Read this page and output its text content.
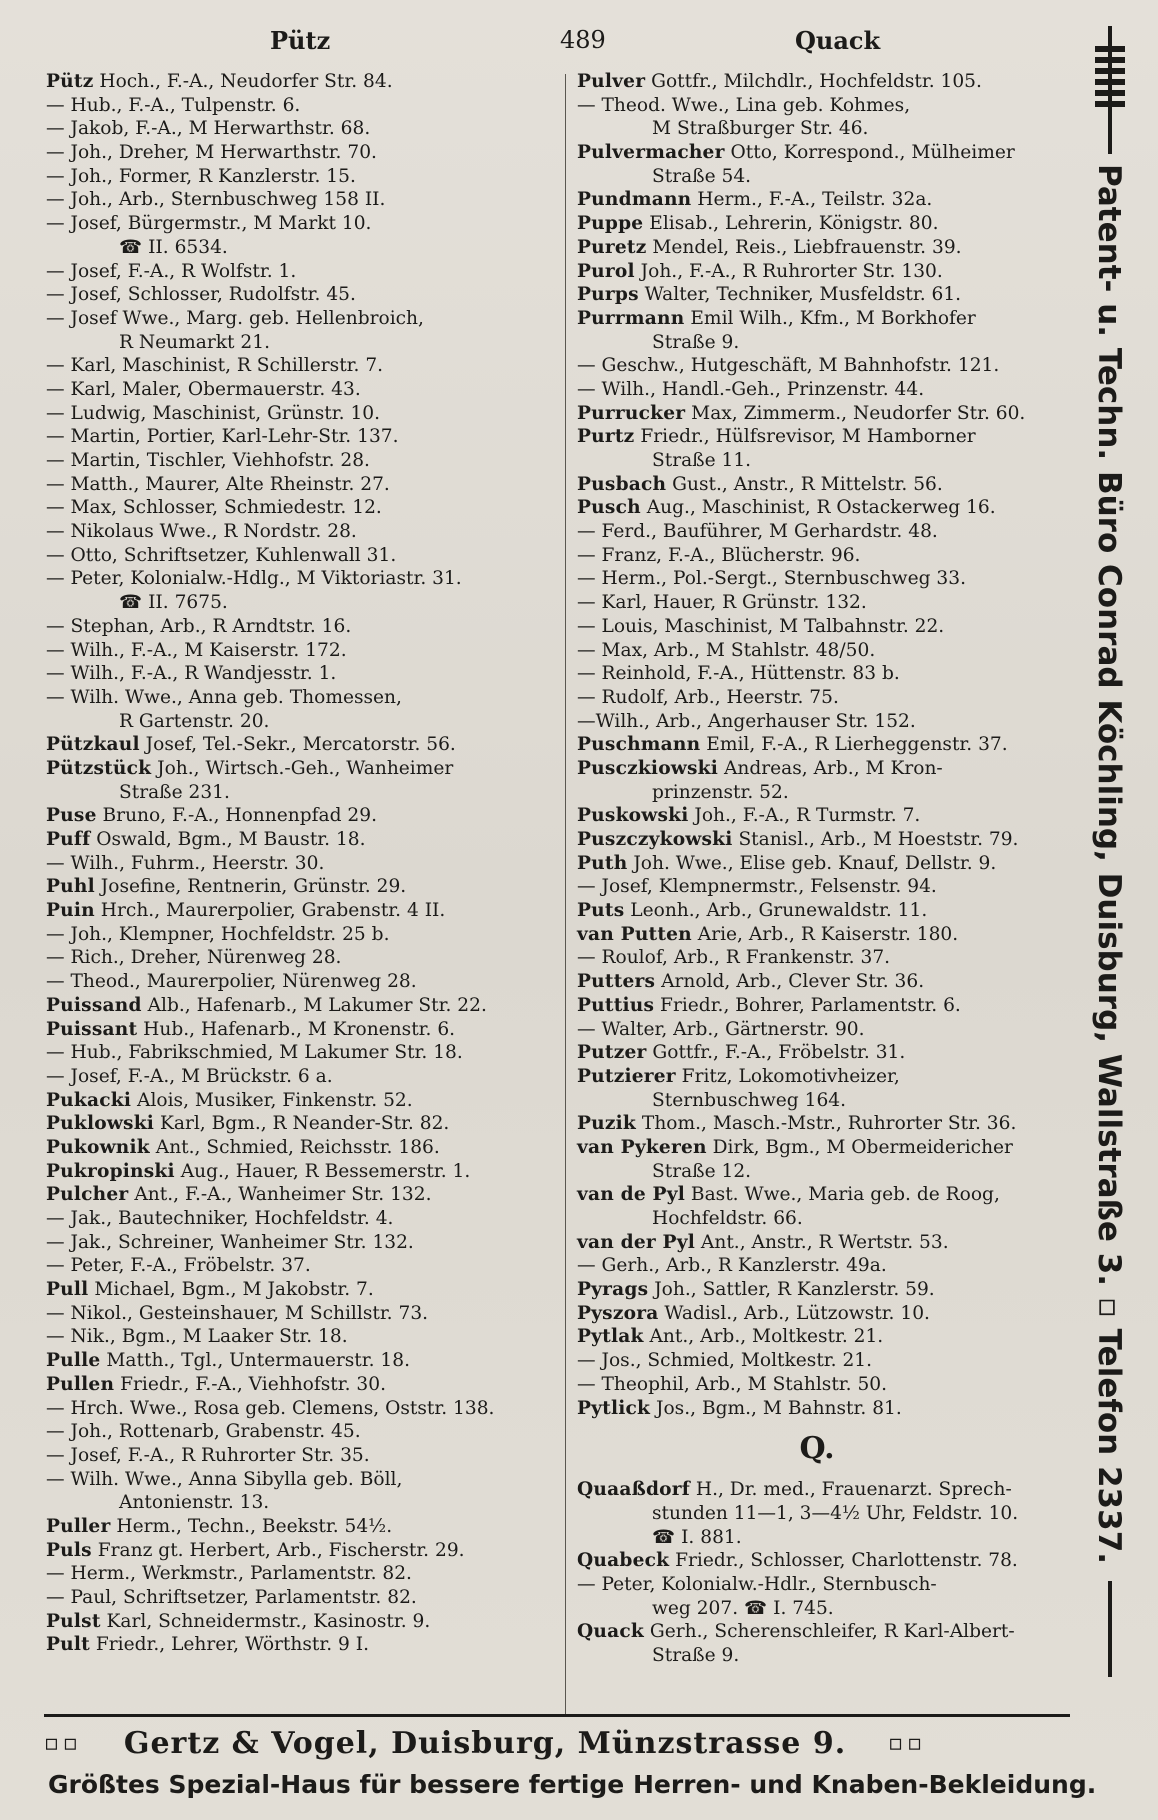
Pütz	489	Quack
Pütz Hoch., F.-A., Neudorfer Str. 84.
— Hub., F.-A., Tulpenstr. 6.
— Jakob, F.-A., M Herwarthstr. 68.
— Joh., Dreher, M Herwarthstr. 70.
— Joh., Former, R Kanzlerstr. 15.
— Joh., Arb., Sternbuschweg 158 II.
— Josef, Bürgermstr., M Markt 10.
☎ II. 6534.
— Josef, F.-A., R Wolfstr. 1.
— Josef, Schlosser, Rudolfstr. 45.
— Josef Wwe., Marg. geb. Hellenbroich,
R Neumarkt 21.
— Karl, Maschinist, R Schillerstr. 7.
— Karl, Maler, Obermauerstr. 43.
— Ludwig, Maschinist, Grünstr. 10.
— Martin, Portier, Karl-Lehr-Str. 137.
— Martin, Tischler, Viehhofstr. 28.
— Matth., Maurer, Alte Rheinstr. 27.
— Max, Schlosser, Schmiedestr. 12.
— Nikolaus Wwe., R Nordstr. 28.
— Otto, Schriftsetzer, Kuhlenwall 31.
— Peter, Kolonialw.-Hdlg., M Viktoriastr. 31.
☎ II. 7675.
— Stephan, Arb., R Arndtstr. 16.
— Wilh., F.-A., M Kaiserstr. 172.
— Wilh., F.-A., R Wandjesstr. 1.
— Wilh. Wwe., Anna geb. Thomessen,
R Gartenstr. 20.
Pützkaul Josef, Tel.-Sekr., Mercatorstr. 56.
Pützstück Joh., Wirtsch.-Geh., Wanheimer
Straße 231.
Puse Bruno, F.-A., Honnenpfad 29.
Puff Oswald, Bgm., M Baustr. 18.
— Wilh., Fuhrm., Heerstr. 30.
Puhl Josefine, Rentnerin, Grünstr. 29.
Puin Hrch., Maurerpolier, Grabenstr. 4 II.
— Joh., Klempner, Hochfeldstr. 25 b.
— Rich., Dreher, Nürenweg 28.
— Theod., Maurerpolier, Nürenweg 28.
Puissand Alb., Hafenarb., M Lakumer Str. 22.
Puissant Hub., Hafenarb., M Kronenstr. 6.
— Hub., Fabrikschmied, M Lakumer Str. 18.
— Josef, F.-A., M Brückstr. 6 a.
Pukacki Alois, Musiker, Finkenstr. 52.
Puklowski Karl, Bgm., R Neander-Str. 82.
Pukownik Ant., Schmied, Reichsstr. 186.
Pukropinski Aug., Hauer, R Bessemerstr. 1.
Pulcher Ant., F.-A., Wanheimer Str. 132.
— Jak., Bautechniker, Hochfeldstr. 4.
— Jak., Schreiner, Wanheimer Str. 132.
— Peter, F.-A., Fröbelstr. 37.
Pull Michael, Bgm., M Jakobstr. 7.
— Nikol., Gesteinshauer, M Schillstr. 73.
— Nik., Bgm., M Laaker Str. 18.
Pulle Matth., Tgl., Untermauerstr. 18.
Pullen Friedr., F.-A., Viehhofstr. 30.
— Hrch. Wwe., Rosa geb. Clemens, Oststr. 138.
— Joh., Rottenarb, Grabenstr. 45.
— Josef, F.-A., R Ruhrorter Str. 35.
— Wilh. Wwe., Anna Sibylla geb. Böll,
Antonienstr. 13.
Puller Herm., Techn., Beekstr. 54½.
Puls Franz gt. Herbert, Arb., Fischerstr. 29.
— Herm., Werkmstr., Parlamentstr. 82.
— Paul, Schriftsetzer, Parlamentstr. 82.
Pulst Karl, Schneidermstr., Kasinostr. 9.
Pult Friedr., Lehrer, Wörthstr. 9 I.
Pulver Gottfr., Milchdlr., Hochfeldstr. 105.
— Theod. Wwe., Lina geb. Kohmes,
M Straßburger Str. 46.
Pulvermacher Otto, Korrespond., Mülheimer
Straße 54.
Pundmann Herm., F.-A., Teilstr. 32a.
Puppe Elisab., Lehrerin, Königstr. 80.
Puretz Mendel, Reis., Liebfrauenstr. 39.
Purol Joh., F.-A., R Ruhrorter Str. 130.
Purps Walter, Techniker, Musfeldstr. 61.
Purrmann Emil Wilh., Kfm., M Borkhofer
Straße 9.
— Geschw., Hutgeschäft, M Bahnhofstr. 121.
— Wilh., Handl.-Geh., Prinzenstr. 44.
Purrucker Max, Zimmerm., Neudorfer Str. 60.
Purtz Friedr., Hülfsrevisor, M Hamborner
Straße 11.
Pusbach Gust., Anstr., R Mittelstr. 56.
Pusch Aug., Maschinist, R Ostackerweg 16.
— Ferd., Bauführer, M Gerhardstr. 48.
— Franz, F.-A., Blücherstr. 96.
— Herm., Pol.-Sergt., Sternbuschweg 33.
— Karl, Hauer, R Grünstr. 132.
— Louis, Maschinist, M Talbahnstr. 22.
— Max, Arb., M Stahlstr. 48/50.
— Reinhold, F.-A., Hüttenstr. 83 b.
— Rudolf, Arb., Heerstr. 75.
—Wilh., Arb., Angerhauser Str. 152.
Puschmann Emil, F.-A., R Lierheggenstr. 37.
Pusczkiowski Andreas, Arb., M Kron-
prinzenstr. 52.
Puskowski Joh., F.-A., R Turmstr. 7.
Puszczykowski Stanisl., Arb., M Hoeststr. 79.
Puth Joh. Wwe., Elise geb. Knauf, Dellstr. 9.
— Josef, Klempnermstr., Felsenstr. 94.
Puts Leonh., Arb., Grunewaldstr. 11.
van Putten Arie, Arb., R Kaiserstr. 180.
— Roulof, Arb., R Frankenstr. 37.
Putters Arnold, Arb., Clever Str. 36.
Puttius Friedr., Bohrer, Parlamentstr. 6.
— Walter, Arb., Gärtnerstr. 90.
Putzer Gottfr., F.-A., Fröbelstr. 31.
Putzierer Fritz, Lokomotivheizer,
Sternbuschweg 164.
Puzik Thom., Masch.-Mstr., Ruhrorter Str. 36.
van Pykeren Dirk, Bgm., M Obermeidericher
Straße 12.
van de Pyl Bast. Wwe., Maria geb. de Roog,
Hochfeldstr. 66.
van der Pyl Ant., Anstr., R Wertstr. 53.
— Gerh., Arb., R Kanzlerstr. 49a.
Pyrags Joh., Sattler, R Kanzlerstr. 59.
Pyszora Wadisl., Arb., Lützowstr. 10.
Pytlak Ant., Arb., Moltkestr. 21.
— Jos., Schmied, Moltkestr. 21.
— Theophil, Arb., M Stahlstr. 50.
Pytlick Jos., Bgm., M Bahnstr. 81.
Q.
Quaaßdorf H., Dr. med., Frauenarzt. Sprech-
stunden 11—1, 3—4½ Uhr, Feldstr. 10.
☎ I. 881.
Quabeck Friedr., Schlosser, Charlottenstr. 78.
— Peter, Kolonialw.-Hdlr., Sternbusch-
weg 207. ☎ I. 745.
Quack Gerh., Scherenschleifer, R Karl-Albert-
Straße 9.
Patent- u. Techn. Büro Conrad Köchling, Duisburg, Wallstraße 3. ▫ Telefon 2337.
▫▫ Gertz & Vogel, Duisburg, Münzstrasse 9. ▫▫
Größtes Spezial-Haus für bessere fertige Herren- und Knaben-Bekleidung.
